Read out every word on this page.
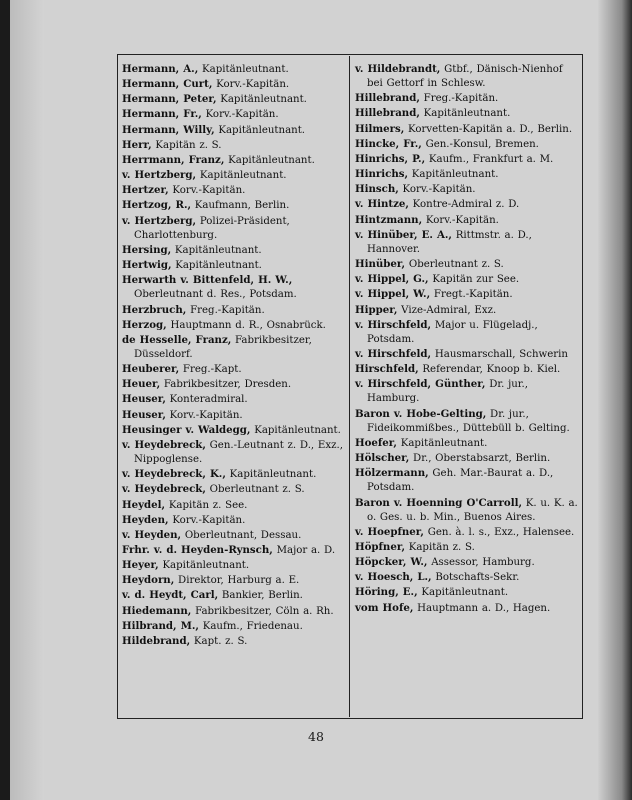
Hermann, A., Kapitänleutnant.
Hermann, Curt, Korv.-Kapitän.
Hermann, Peter, Kapitänleutnant.
Hermann, Fr., Korv.-Kapitän.
Hermann, Willy, Kapitänleutnant.
Herr, Kapitän z. S.
Herrmann, Franz, Kapitänleutnant.
v. Hertzberg, Kapitänleutnant.
Hertzer, Korv.-Kapitän.
Hertzog, R., Kaufmann, Berlin.
v. Hertzberg, Polizei-Präsident, Charlottenburg.
Hersing, Kapitänleutnant.
Hertwig, Kapitänleutnant.
Herwarth v. Bittenfeld, H. W., Oberleutnant d. Res., Potsdam.
Herzbruch, Freg.-Kapitän.
Herzog, Hauptmann d. R., Osnabrück.
de Hesselle, Franz, Fabrikbesitzer, Düsseldorf.
Heuberer, Freg.-Kapt.
Heuer, Fabrikbesitzer, Dresden.
Heuser, Konteradmiral.
Heuser, Korv.-Kapitän.
Heusinger v. Waldegg, Kapitänleutnant.
v. Heydebreck, Gen.-Leutnant z. D., Exz., Nippoglense.
v. Heydebreck, K., Kapitänleutnant.
v. Heydebreck, Oberleutnant z. S.
Heydel, Kapitän z. See.
Heyden, Korv.-Kapitän.
v. Heyden, Oberleutnant, Dessau.
Frhr. v. d. Heyden-Rynsch, Major a. D.
Heyer, Kapitänleutnant.
Heydorn, Direktor, Harburg a. E.
v. d. Heydt, Carl, Bankier, Berlin.
Hiedemann, Fabrikbesitzer, Cöln a. Rh.
Hilbrand, M., Kaufm., Friedenau.
Hildebrand, Kapt. z. S.
v. Hildebrandt, Gtbf., Dänisch-Nienhof bei Gettorf in Schlesw.
Hillebrand, Freg.-Kapitän.
Hillebrand, Kapitänleutnant.
Hilmers, Korvetten-Kapitän a. D., Berlin.
Hincke, Fr., Gen.-Konsul, Bremen.
Hinrichs, P., Kaufm., Frankfurt a. M.
Hinrichs, Kapitänleutnant.
Hinsch, Korv.-Kapitän.
v. Hintze, Kontre-Admiral z. D.
Hintzmann, Korv.-Kapitän.
v. Hinüber, E. A., Rittmstr. a. D., Hannover.
Hinüber, Oberleutnant z. S.
v. Hippel, G., Kapitän zur See.
v. Hippel, W., Fregt.-Kapitän.
Hipper, Vize-Admiral, Exz.
v. Hirschfeld, Major u. Flügeladj., Potsdam.
v. Hirschfeld, Hausmarschall, Schwerin
Hirschfeld, Referendar, Knoop b. Kiel.
v. Hirschfeld, Günther, Dr. jur., Hamburg.
Baron v. Hobe-Gelting, Dr. jur., Fideikommißbes., Düttebüll b. Gelting.
Hoefer, Kapitänleutnant.
Hölscher, Dr., Oberstabsarzt, Berlin.
Hölzermann, Geh. Mar.-Baurat a. D., Potsdam.
Baron v. Hoenning O'Carroll, K. u. K. a. o. Ges. u. b. Min., Buenos Aires.
v. Hoepfner, Gen. à. l. s., Exz., Halensee.
Höpfner, Kapitän z. S.
Höpcker, W., Assessor, Hamburg.
v. Hoesch, L., Botschafts-Sekr.
Höring, E., Kapitänleutnant.
vom Hofe, Hauptmann a. D., Hagen.
48
